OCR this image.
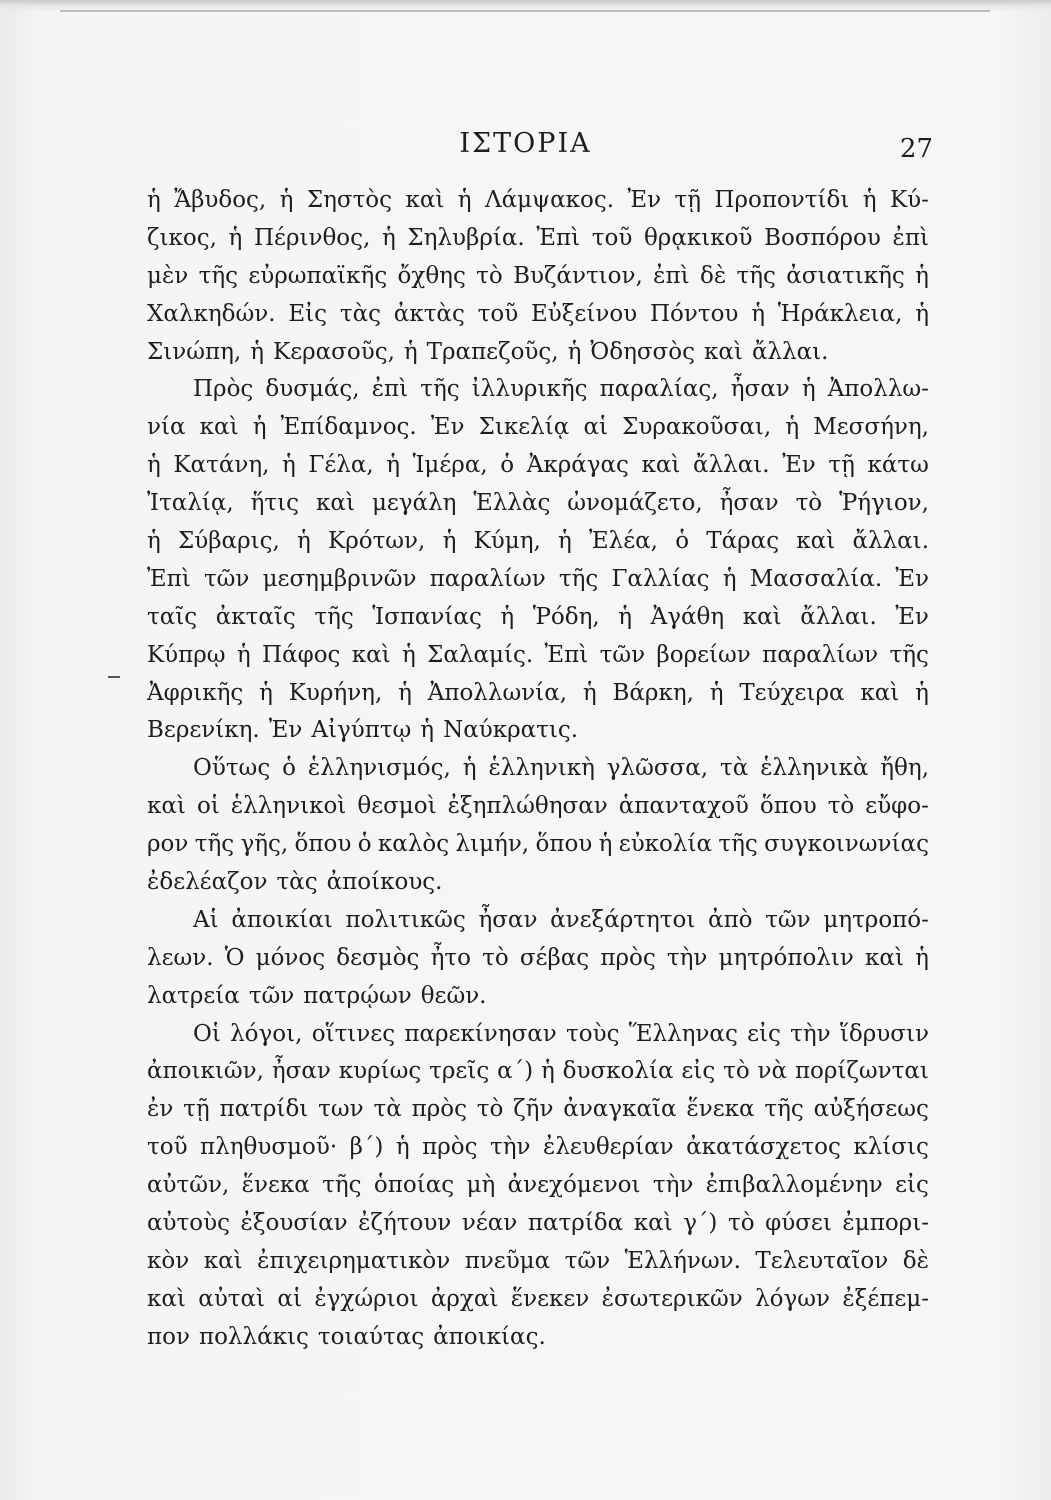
ΙΣΤΟΡΙΑ	27
ἡ Ἄβυδος, ἡ Σηστὸς καὶ ἡ Λάμψακος. Ἐν τῇ Προποντίδι ἡ Κύ-
ζικος, ἡ Πέρινθος, ἡ Σηλυβρία. Ἐπὶ τοῦ θρᾳκικοῦ Βοσπόρου ἐπὶ
μὲν τῆς εὐρωπαϊκῆς ὄχθης τὸ Βυζάντιον, ἐπὶ δὲ τῆς ἀσιατικῆς ἡ
Χαλκηδών. Εἰς τὰς ἀκτὰς τοῦ Εὐξείνου Πόντου ἡ Ἡράκλεια, ἡ
Σινώπη, ἡ Κερασοῦς, ἡ Τραπεζοῦς, ἡ Ὀδησσὸς καὶ ἄλλαι.
Πρὸς δυσμάς, ἐπὶ τῆς ἰλλυρικῆς παραλίας, ἦσαν ἡ Ἀπολλω-
νία καὶ ἡ Ἐπίδαμνος. Ἐν Σικελίᾳ αἱ Συρακοῦσαι, ἡ Μεσσήνη,
ἡ Κατάνη, ἡ Γέλα, ἡ Ἱμέρα, ὁ Ἀκράγας καὶ ἄλλαι. Ἐν τῇ κάτω
Ἰταλίᾳ, ἥτις καὶ μεγάλη Ἑλλὰς ὠνομάζετο, ἦσαν τὸ Ῥήγιον,
ἡ Σύβαρις, ἡ Κρότων, ἡ Κύμη, ἡ Ἐλέα, ὁ Τάρας καὶ ἄλλαι.
Ἐπὶ τῶν μεσημβρινῶν παραλίων τῆς Γαλλίας ἡ Μασσαλία. Ἐν
ταῖς ἀκταῖς τῆς Ἱσπανίας ἡ Ῥόδη, ἡ Ἀγάθη καὶ ἄλλαι. Ἐν
Κύπρῳ ἡ Πάφος καὶ ἡ Σαλαμίς. Ἐπὶ τῶν βορείων παραλίων τῆς
Ἀφρικῆς ἡ Κυρήνη, ἡ Ἀπολλωνία, ἡ Βάρκη, ἡ Τεύχειρα καὶ ἡ
Βερενίκη. Ἐν Αἰγύπτῳ ἡ Ναύκρατις.
Οὕτως ὁ ἑλληνισμός, ἡ ἑλληνικὴ γλῶσσα, τὰ ἑλληνικὰ ἤθη,
καὶ οἱ ἑλληνικοὶ θεσμοὶ ἐξηπλώθησαν ἁπανταχοῦ ὅπου τὸ εὔφο-
ρον τῆς γῆς, ὅπου ὁ καλὸς λιμήν, ὅπου ἡ εὐκολία τῆς συγκοινωνίας
ἐδελέαζον τὰς ἀποίκους.
Αἱ ἀποικίαι πολιτικῶς ἦσαν ἀνεξάρτητοι ἀπὸ τῶν μητροπό-
λεων. Ὁ μόνος δεσμὸς ἦτο τὸ σέβας πρὸς τὴν μητρόπολιν καὶ ἡ
λατρεία τῶν πατρῴων θεῶν.
Οἱ λόγοι, οἵτινες παρεκίνησαν τοὺς Ἕλληνας εἰς τὴν ἵδρυσιν
ἀποικιῶν, ἦσαν κυρίως τρεῖς α΄) ἡ δυσκολία εἰς τὸ νὰ πορίζωνται
ἐν τῇ πατρίδι των τὰ πρὸς τὸ ζῆν ἀναγκαῖα ἕνεκα τῆς αὐξήσεως
τοῦ πληθυσμοῦ· β΄) ἡ πρὸς τὴν ἐλευθερίαν ἀκατάσχετος κλίσις
αὐτῶν, ἕνεκα τῆς ὁποίας μὴ ἀνεχόμενοι τὴν ἐπιβαλλομένην εἰς
αὐτοὺς ἐξουσίαν ἐζήτουν νέαν πατρίδα καὶ γ΄) τὸ φύσει ἐμπορι-
κὸν καὶ ἐπιχειρηματικὸν πνεῦμα τῶν Ἑλλήνων. Τελευταῖον δὲ
καὶ αὐταὶ αἱ ἐγχώριοι ἀρχαὶ ἕνεκεν ἐσωτερικῶν λόγων ἐξέπεμ-
πον πολλάκις τοιαύτας ἀποικίας.
